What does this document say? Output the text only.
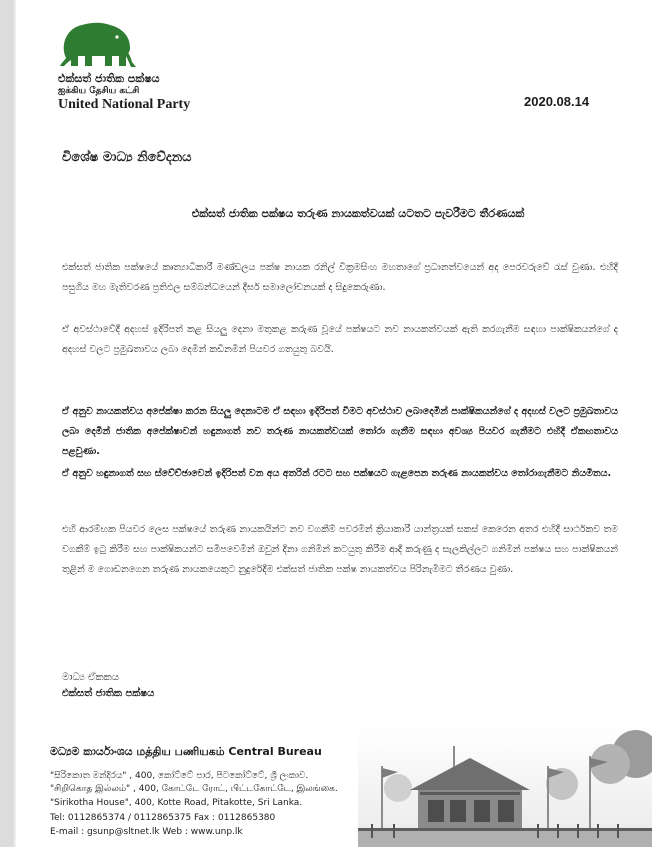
එක්සත් ජාතික පක්ෂය
ஐக்கிய தேசிய கட்சி
United National Party	2020.08.14
විශේෂ මාධ්‍ය නිවේදනය
එක්සත් ජාතික පක්ෂය තරුණ නායකත්වයක් යටතට පැවරීමට තීරණයක්

එක්සත් ජාතික පක්ෂයේ කෘත්‍යාධිකාරී මණ්ඩලය පක්ෂ නායක රනිල් වික්‍රමසිංහ මහතාගේ ප්‍රධානත්වයෙන් අද පෙරවරුවේ රැස් වුණා. එහිදී පසුගිය මහ මැතිවරණ ප්‍රතිඵල සම්බන්ධයෙන් දීර්ඝ සමාලෝචනයක් ද සිදුකෙරුණා.

ඒ අවස්ථාවේදී අදහස් ඉදිරිපත් කළ සියලු දෙනා මතුකළ කරුණ වූයේ පක්ෂයට නව නායකත්වයක් ඇති කරගැනීම සඳහා පාක්ෂිකයන්ගේ ද අදහස් වලට ප්‍රමුඛතාවය ලබා දෙමින් කඩිනමින් පියවර ගතයුතු බවයි.

ඒ අනුව නායකත්වය අපේක්ෂා කරන සියලු දෙනාටම ඒ සඳහා ඉදිරිපත් වීමට අවස්ථාව ලබාදෙමින් පාක්ෂිකයන්ගේ ද අදහස් වලට ප්‍රමුඛතාවය ලබා දෙමින් ජාතික අපේක්ෂාවන් හඳුනාගත් නව තරුණ නායකත්වයක් තෝරා ගැනීම සඳහා අවශ්‍ය පියවර ගැනීමට එහිදී ඒකඟතාවය පළවුණා.

ඒ අනුව හඳුනාගත් සහ ස්වේච්ඡාවෙන් ඉදිරිපත් වන අය අතරින් රටට සහ පක්ෂයට ගැළපෙන තරුණ නායකත්වය තෝරාගැනීමට නියමිතය.

එහි ආරම්භක පියවර ලෙස පක්ෂයේ තරුණ නායකයින්ට නව වගකීම් පවරමින් ක්‍රියාකාරී යාන්ත්‍රයක් සකස් කෙරෙන අතර එහිදී සාර්ථකව තම වගකීම් ඉටු කිරීම සහ පාක්ෂිකයන්ට සමීපවෙමින් ඔවුන් දිනා ගනිමින් කටයුතු කිරීම ආදී කරුණු ද සැලකිල්ලට ගනිමින් පක්ෂය සහ පාක්ෂිකයන් තුළින් ම ගොඩනගෙන තරුණ නායකයෙකුට නුදුරේදීම එක්සත් ජාතික පක්ෂ නායකත්වය පිරිනැමීමට තීරණය වුණා.

මාධ්‍ය ඒකකය
එක්සත් ජාතික පක්ෂය
මධ්‍යම කාර්යාංශය மத்திய பணியகம் Central Bureau
"සිරිකොත මන්දිරය" , 400, කෝට්ටේ පාර, පිටකෝට්ටේ, ශ්‍රී ලංකාව.
"சிறிகொத இல்லம்" , 400, கோட்டே ரோட், பிட்டகோட்டே, இலங்கை.
"Sirikotha House", 400, Kotte Road, Pitakotte, Sri Lanka.
Tel: 0112865374 / 0112865375 Fax : 0112865380
E-mail : gsunp@sltnet.lk Web : www.unp.lk
